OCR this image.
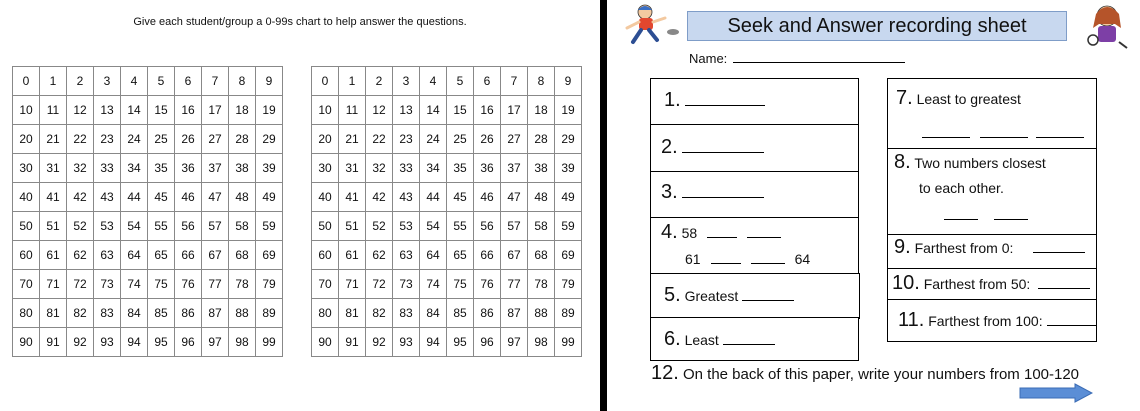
Give each student/group a 0-99s chart to help answer the questions.
0	1	2	3	4	5	6	7	8	9
10	11	12	13	14	15	16	17	18	19
20	21	22	23	24	25	26	27	28	29
30	31	32	33	34	35	36	37	38	39
40	41	42	43	44	45	46	47	48	49
50	51	52	53	54	55	56	57	58	59
60	61	62	63	64	65	66	67	68	69
70	71	72	73	74	75	76	77	78	79
80	81	82	83	84	85	86	87	88	89
90	91	92	93	94	95	96	97	98	99
0	1	2	3	4	5	6	7	8	9
10	11	12	13	14	15	16	17	18	19
20	21	22	23	24	25	26	27	28	29
30	31	32	33	34	35	36	37	38	39
40	41	42	43	44	45	46	47	48	49
50	51	52	53	54	55	56	57	58	59
60	61	62	63	64	65	66	67	68	69
70	71	72	73	74	75	76	77	78	79
80	81	82	83	84	85	86	87	88	89
90	91	92	93	94	95	96	97	98	99
Seek and Answer recording sheet
Name:
1.
2.
3.
4. 58
61	64
5. Greatest
6. Least
7. Least to greatest
8. Two numbers closest
to each other.
9. Farthest from 0:
10. Farthest from 50:
11. Farthest from 100:
12. On the back of this paper, write your numbers from 100-120
